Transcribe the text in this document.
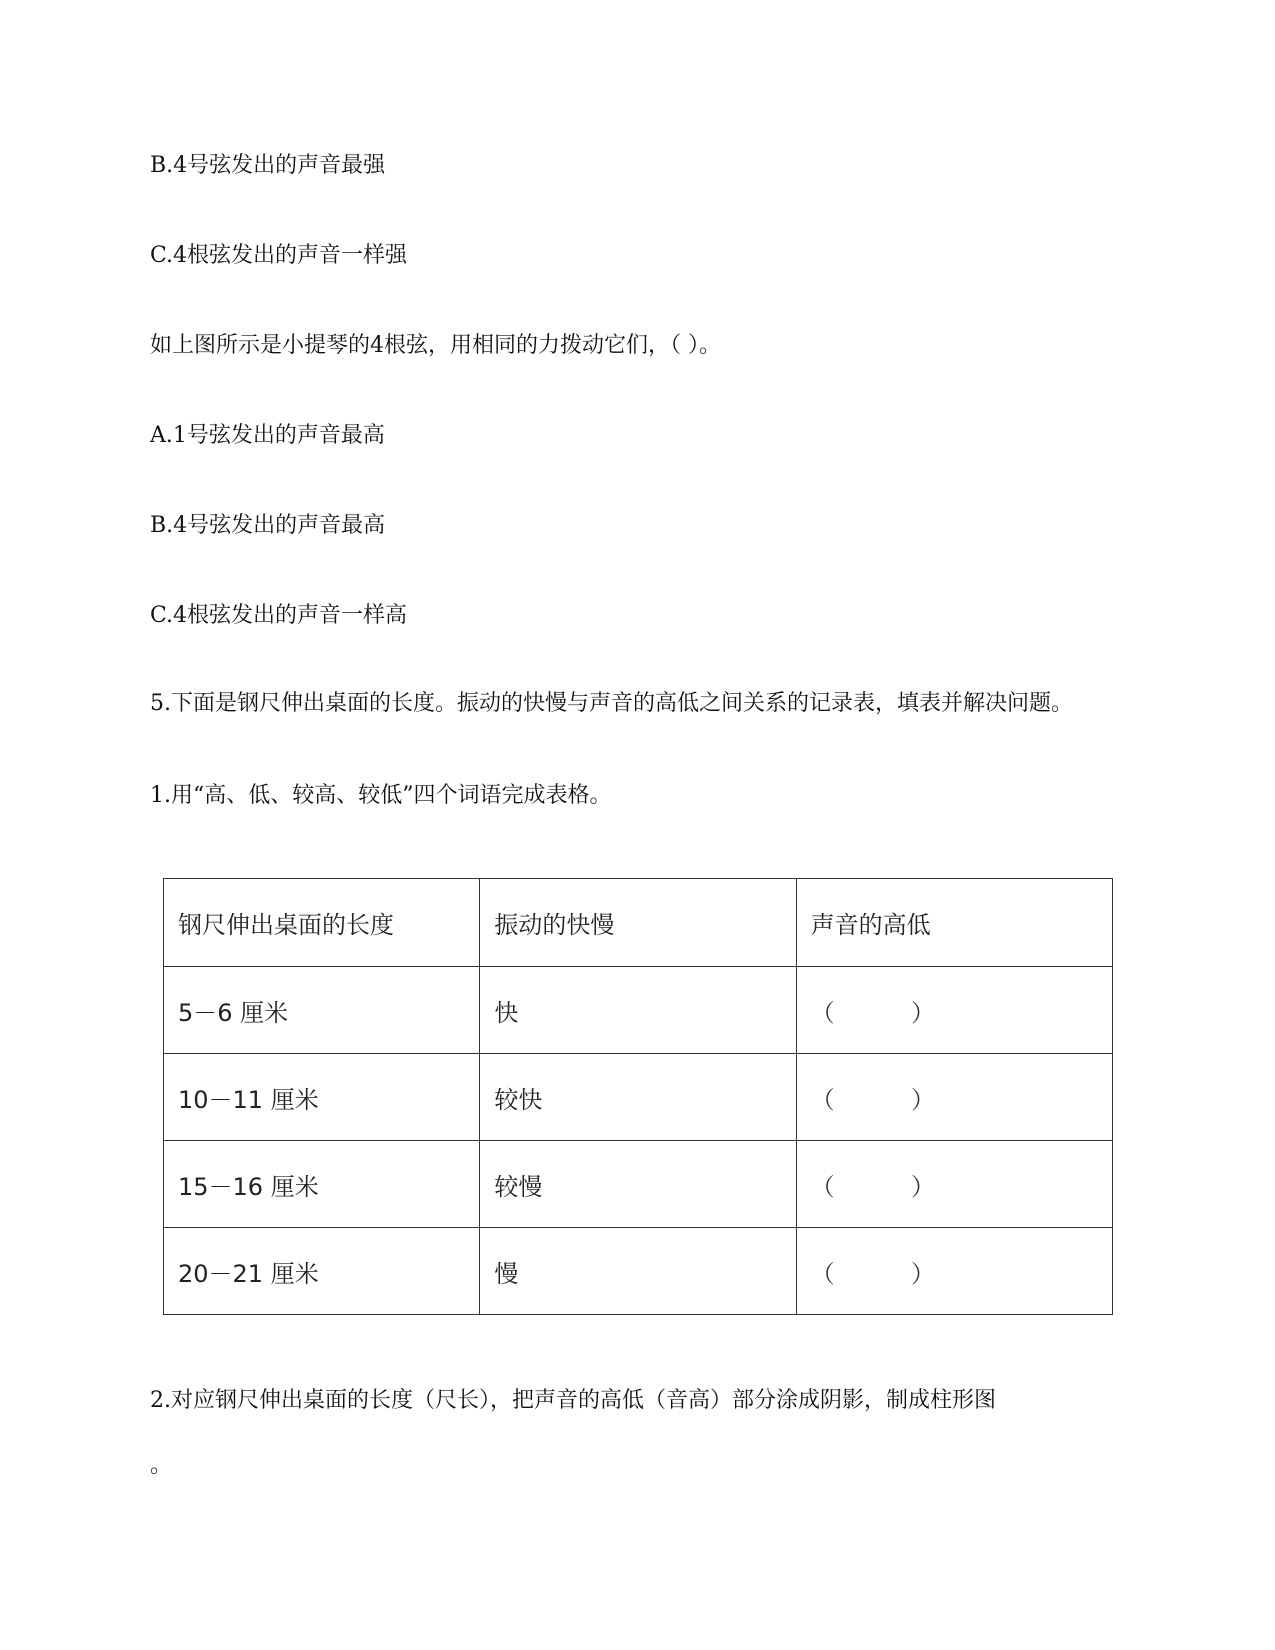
B.4号弦发出的声音最强

C.4根弦发出的声音一样强

如上图所示是小提琴的4根弦，用相同的力拨动它们，（ ）。

A.1号弦发出的声音最高

B.4号弦发出的声音最高

C.4根弦发出的声音一样高

5.下面是钢尺伸出桌面的长度。振动的快慢与声音的高低之间关系的记录表，填表并解决问题。

1.用“高、低、较高、较低”四个词语完成表格。

钢尺伸出桌面的长度	振动的快慢	声音的高低
5－6 厘米	快	（          ）
10－11 厘米	较快	（          ）
15－16 厘米	较慢	（          ）
20－21 厘米	慢	（          ）

2.对应钢尺伸出桌面的长度（尺长），把声音的高低（音高）部分涂成阴影，制成柱形图

。
